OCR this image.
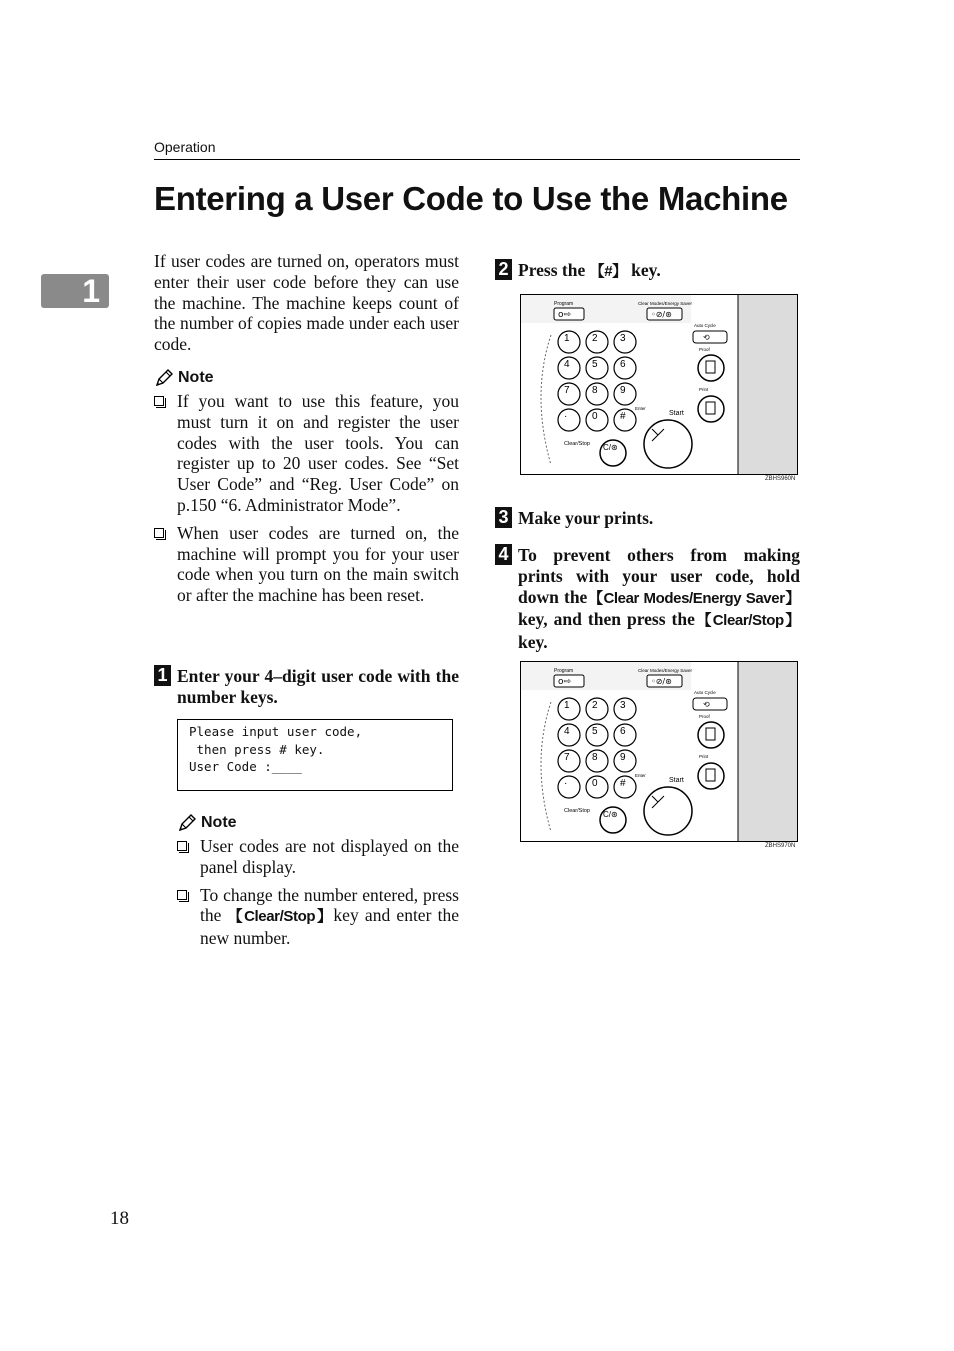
Operation
1
Entering a User Code to Use the Machine
If user codes are turned on, operators must enter their user code before they can use the machine. The machine keeps count of the number of copies made under each user code.
Note
If you want to use this feature, you must turn it on and register the user codes with the user tools. You can register up to 20 user codes. See “Set User Code” and “Reg. User Code” on p.150 “6. Administrator Mode”.
When user codes are turned on, the machine will prompt you for your user code when you turn on the main switch or after the machine has been reset.
1 Enter your 4–digit user code with the number keys.
Please input user code,
then press # key.
User Code :____
Note
User codes are not displayed on the panel display.
To change the number entered, press the 【Clear/Stop】key and enter the new number.
18
2 Press the 【#】 key.
Program
o⇨
Clear Modes/Energy Saver
◦⊘/⊛
Auto Cycle
⟲
Proof
Print
Start
1 2 3
4 5 6
7 8 9
· 0 #
Enter
Clear/Stop C/⊛
ZBHS960N
3 Make your prints.
4 To prevent others from making prints with your user code, hold down the【Clear Modes/Energy Saver】 key, and then press the【Clear/Stop】 key.
Program
o⇨
Clear Modes/Energy Saver
◦⊘/⊛
Auto Cycle
⟲
Proof
Print
Start
1 2 3
4 5 6
7 8 9
· 0 #
Enter
Clear/Stop C/⊛
ZBHS970N
